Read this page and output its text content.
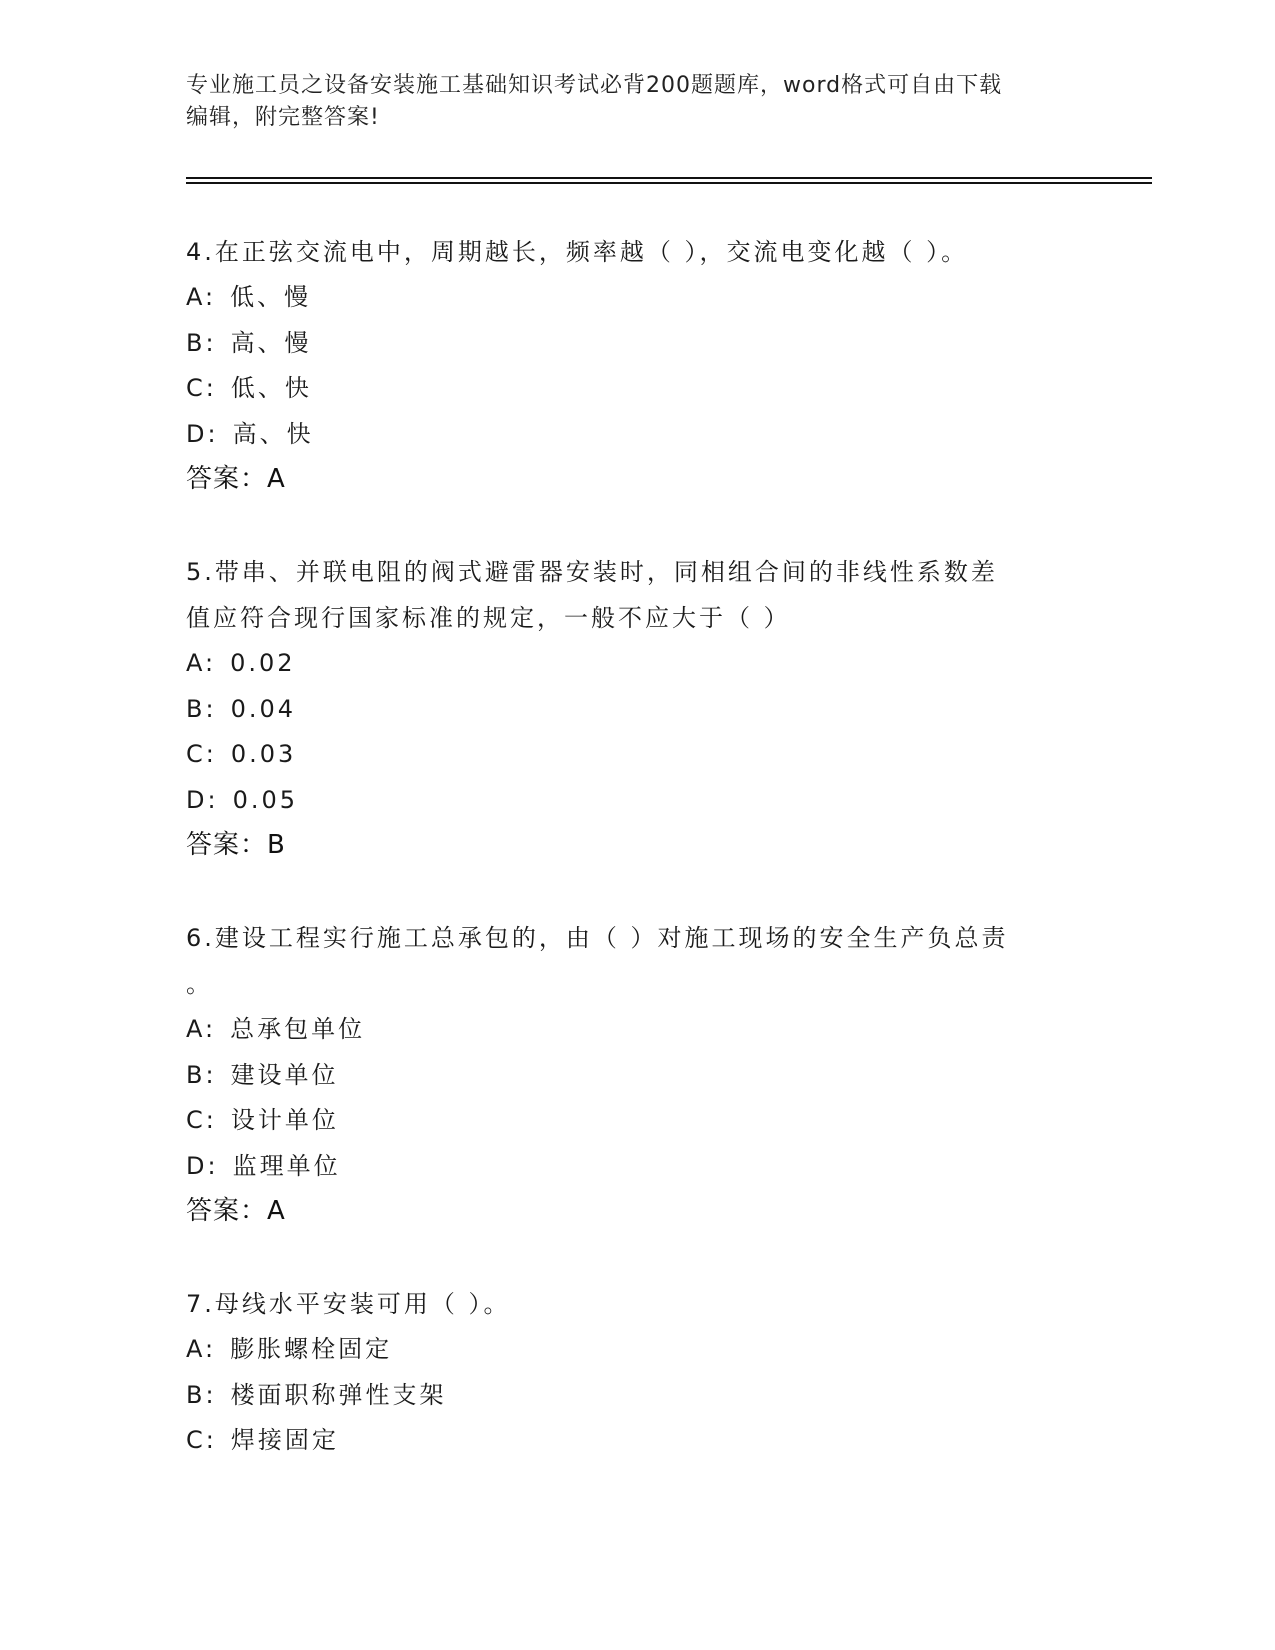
专业施工员之设备安装施工基础知识考试必背200题题库，word格式可自由下载
编辑，附完整答案!
4.在正弦交流电中，周期越长，频率越（ ），交流电变化越（ ）。
A: 低、慢
B: 高、慢
C: 低、快
D: 高、快
答案：A
5.带串、并联电阻的阀式避雷器安装时，同相组合间的非线性系数差
值应符合现行国家标准的规定，一般不应大于（ ）
A: 0.02
B: 0.04
C: 0.03
D: 0.05
答案：B
6.建设工程实行施工总承包的，由（ ）对施工现场的安全生产负总责
。
A: 总承包单位
B: 建设单位
C: 设计单位
D: 监理单位
答案：A
7.母线水平安装可用（ ）。
A: 膨胀螺栓固定
B: 楼面职称弹性支架
C: 焊接固定
